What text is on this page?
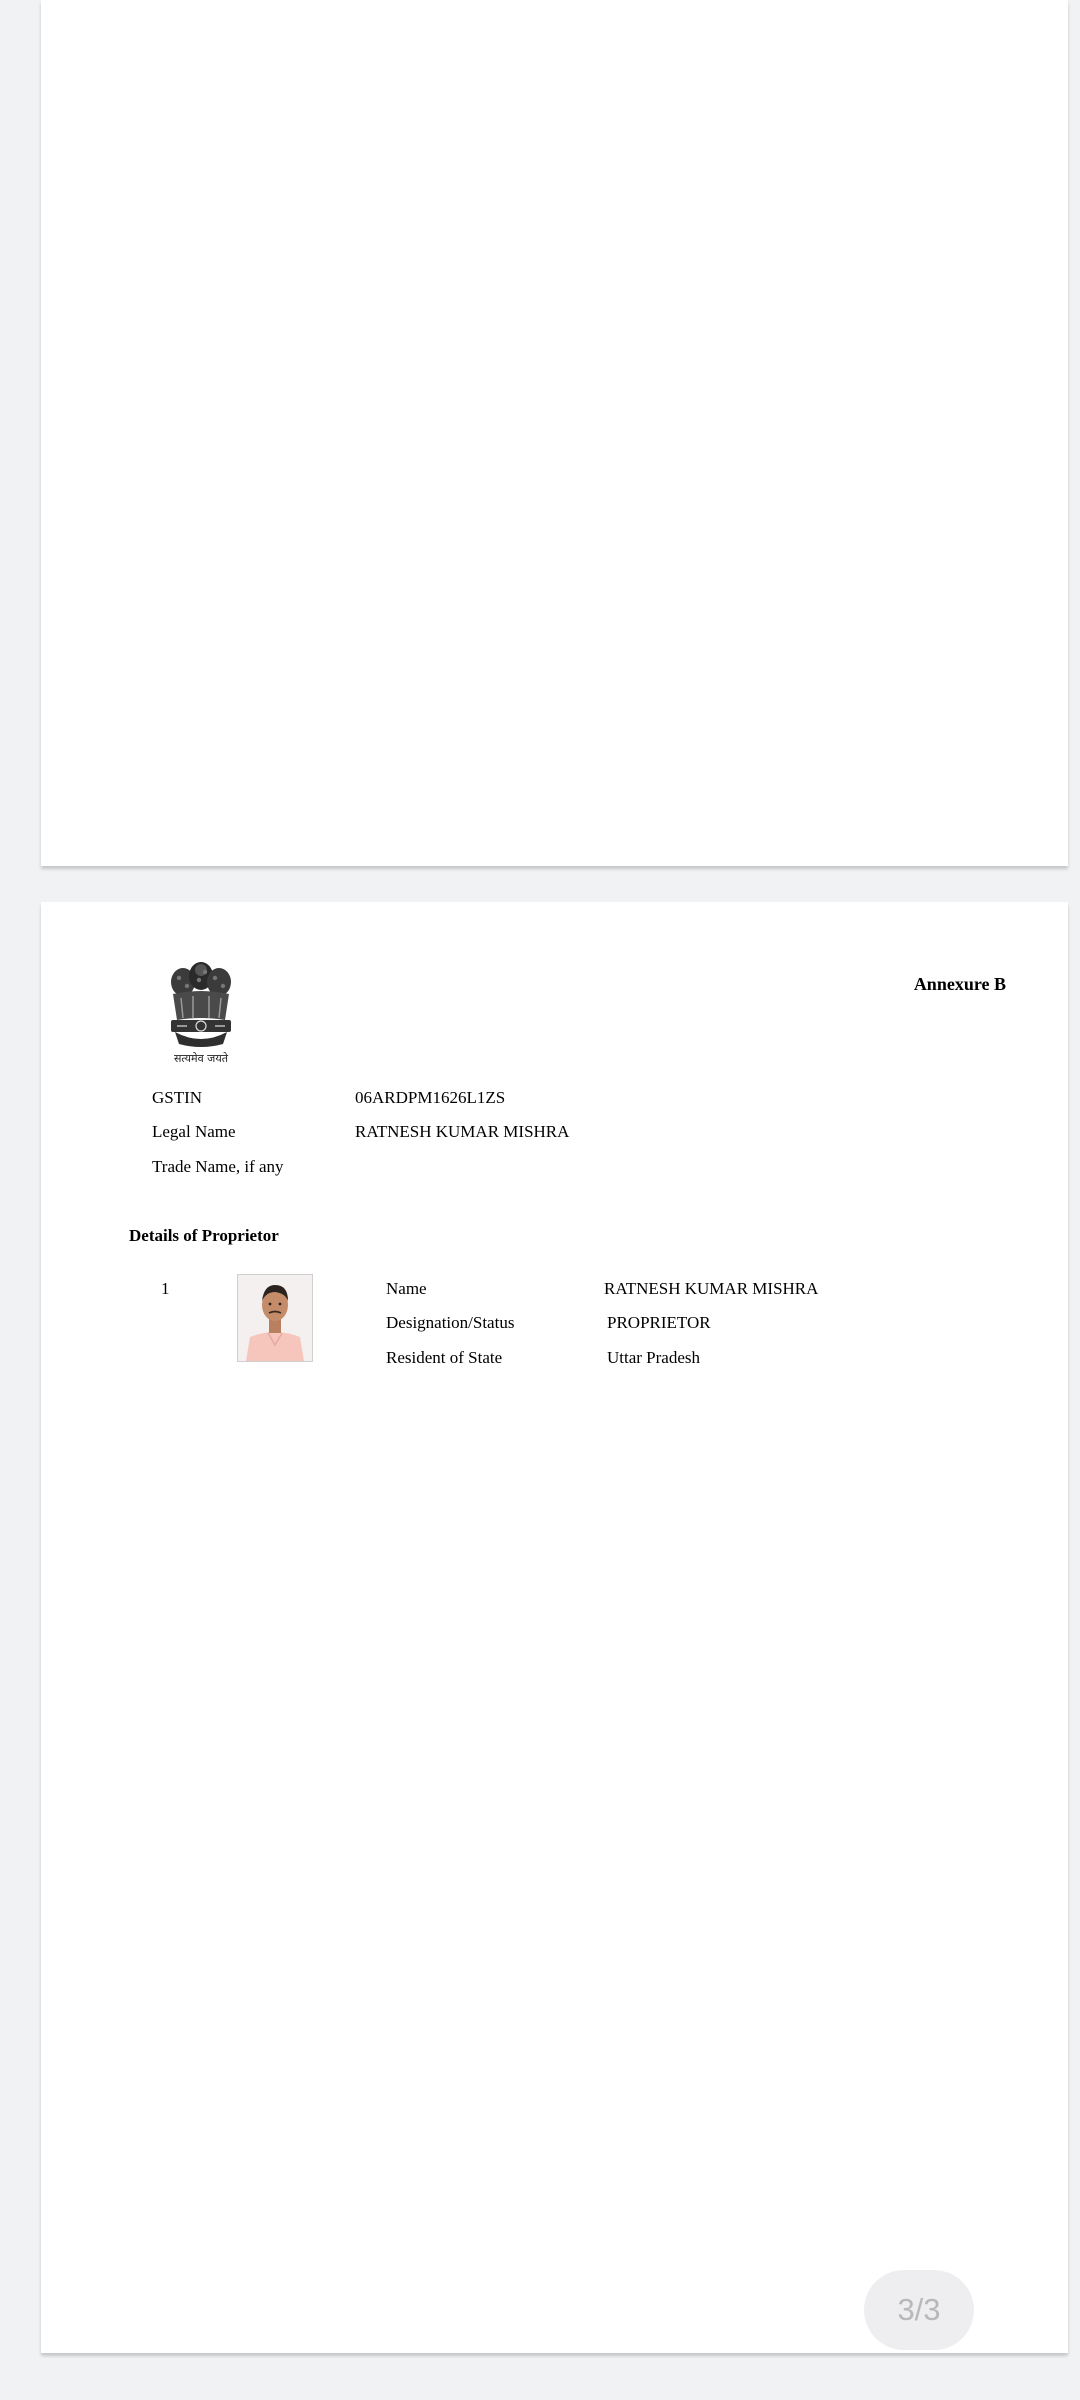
सत्यमेव जयते
Annexure B
GSTIN	06ARDPM1626L1ZS
Legal Name	RATNESH KUMAR MISHRA
Trade Name, if any
Details of Proprietor
1	Name	RATNESH KUMAR MISHRA
Designation/Status	PROPRIETOR
Resident of State	Uttar Pradesh
3/3
